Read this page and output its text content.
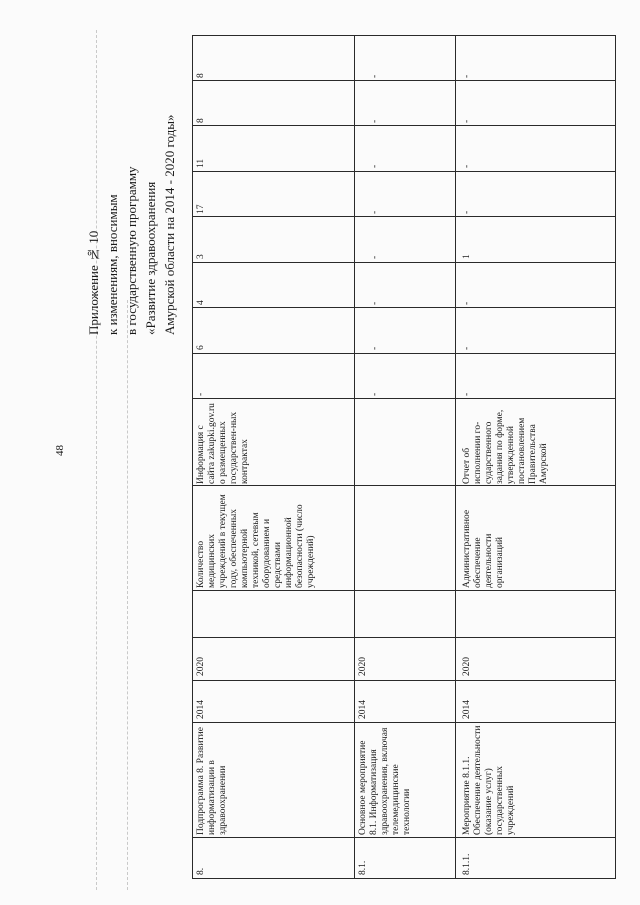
48
Приложение № 10 к изменениям, вносимым в государственную программу «Развитие здравоохранения Амурской области на 2014 - 2020 годы»
8.
Подпрограмма 8. Развитие информатизации в здравоохранении
2014
2020
Количество медицинских учреждений в текущем году, обеспеченных компьютерной техникой, сетевым оборудованием и средствами информационной безопасности (число учреждений)
Информация с сайта zakupki.gov.ru о размещенных государствен-ных контрактах
-
6
4
3
17
11
8
8
8.1.
Основное мероприятие 8.1. Информатизация здравоохранения, включая телемедицинские технологии
2014
2020
-
-
-
-
-
-
-
-
8.1.1.
Мероприятие 8.1.1. Обеспечение деятельности (оказание услуг) государственных учреждений
2014
2020
Административное обеспечение деятельности организаций
Отчет об исполнении го-сударственного задания по форме, утвержденной постановлением Правительства Амурской
-
-
-
1
-
-
-
-
